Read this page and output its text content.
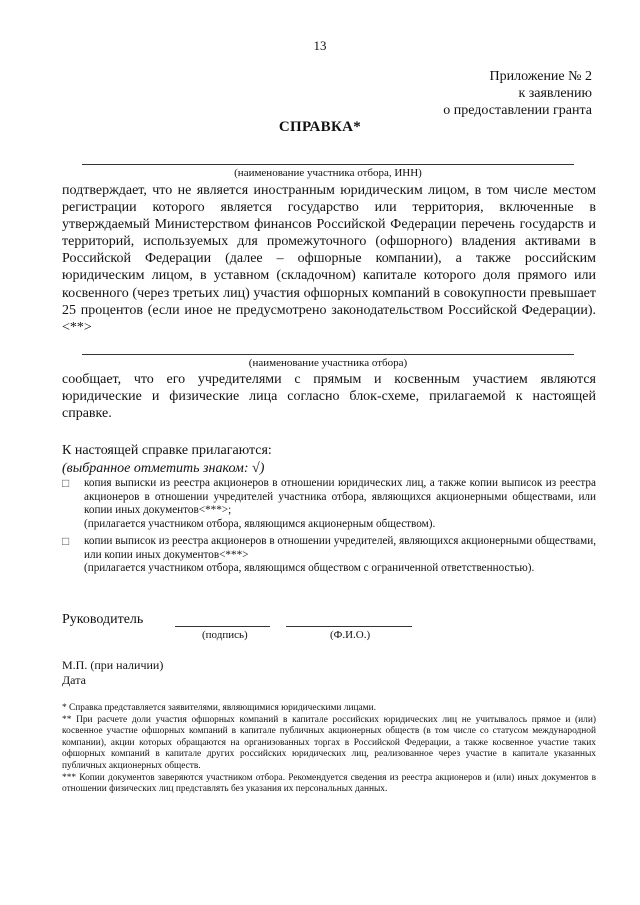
13
Приложение № 2
к заявлению
о предоставлении гранта
СПРАВКА*
(наименование участника отбора, ИНН)

подтверждает, что не является иностранным юридическим лицом, в том числе местом регистрации которого является государство или территория, включенные в утверждаемый Министерством финансов Российской Федерации перечень государств и территорий, используемых для промежуточного (офшорного) владения активами в Российской Федерации (далее – офшорные компании), а также российским юридическим лицом, в уставном (складочном) капитале которого доля прямого или косвенного (через третьих лиц) участия офшорных компаний в совокупности превышает 25 процентов (если иное не предусмотрено законодательством Российской Федерации). <**>

(наименование участника отбора)

сообщает, что его учредителями с прямым и косвенным участием являются юридические и физические лица согласно блок-схеме, прилагаемой к настоящей справке.

К настоящей справке прилагаются:
(выбранное отметить знаком: √)
□ копия выписки из реестра акционеров в отношении юридических лиц, а также копии выписок из реестра акционеров в отношении учредителей участника отбора, являющихся акционерными обществами, или копии иных документов<***>;

(прилагается участником отбора, являющимся акционерным обществом).

□ копии выписок из реестра акционеров в отношении учредителей, являющихся акционерными обществами, или копии иных документов<***>

(прилагается участником отбора, являющимся обществом с ограниченной ответственностью).

Руководитель
(подпись)	(Ф.И.О.)
М.П. (при наличии)
Дата

* Справка представляется заявителями, являющимися юридическими лицами.

** При расчете доли участия офшорных компаний в капитале российских юридических лиц не учитывалось прямое и (или) косвенное участие офшорных компаний в капитале публичных акционерных обществ (в том числе со статусом международной компании), акции которых обращаются на организованных торгах в Российской Федерации, а также косвенное участие таких офшорных компаний в капитале других российских юридических лиц, реализованное через участие в капитале указанных публичных акционерных обществ.

*** Копии документов заверяются участником отбора. Рекомендуется сведения из реестра акционеров и (или) иных документов в отношении физических лиц представлять без указания их персональных данных.
